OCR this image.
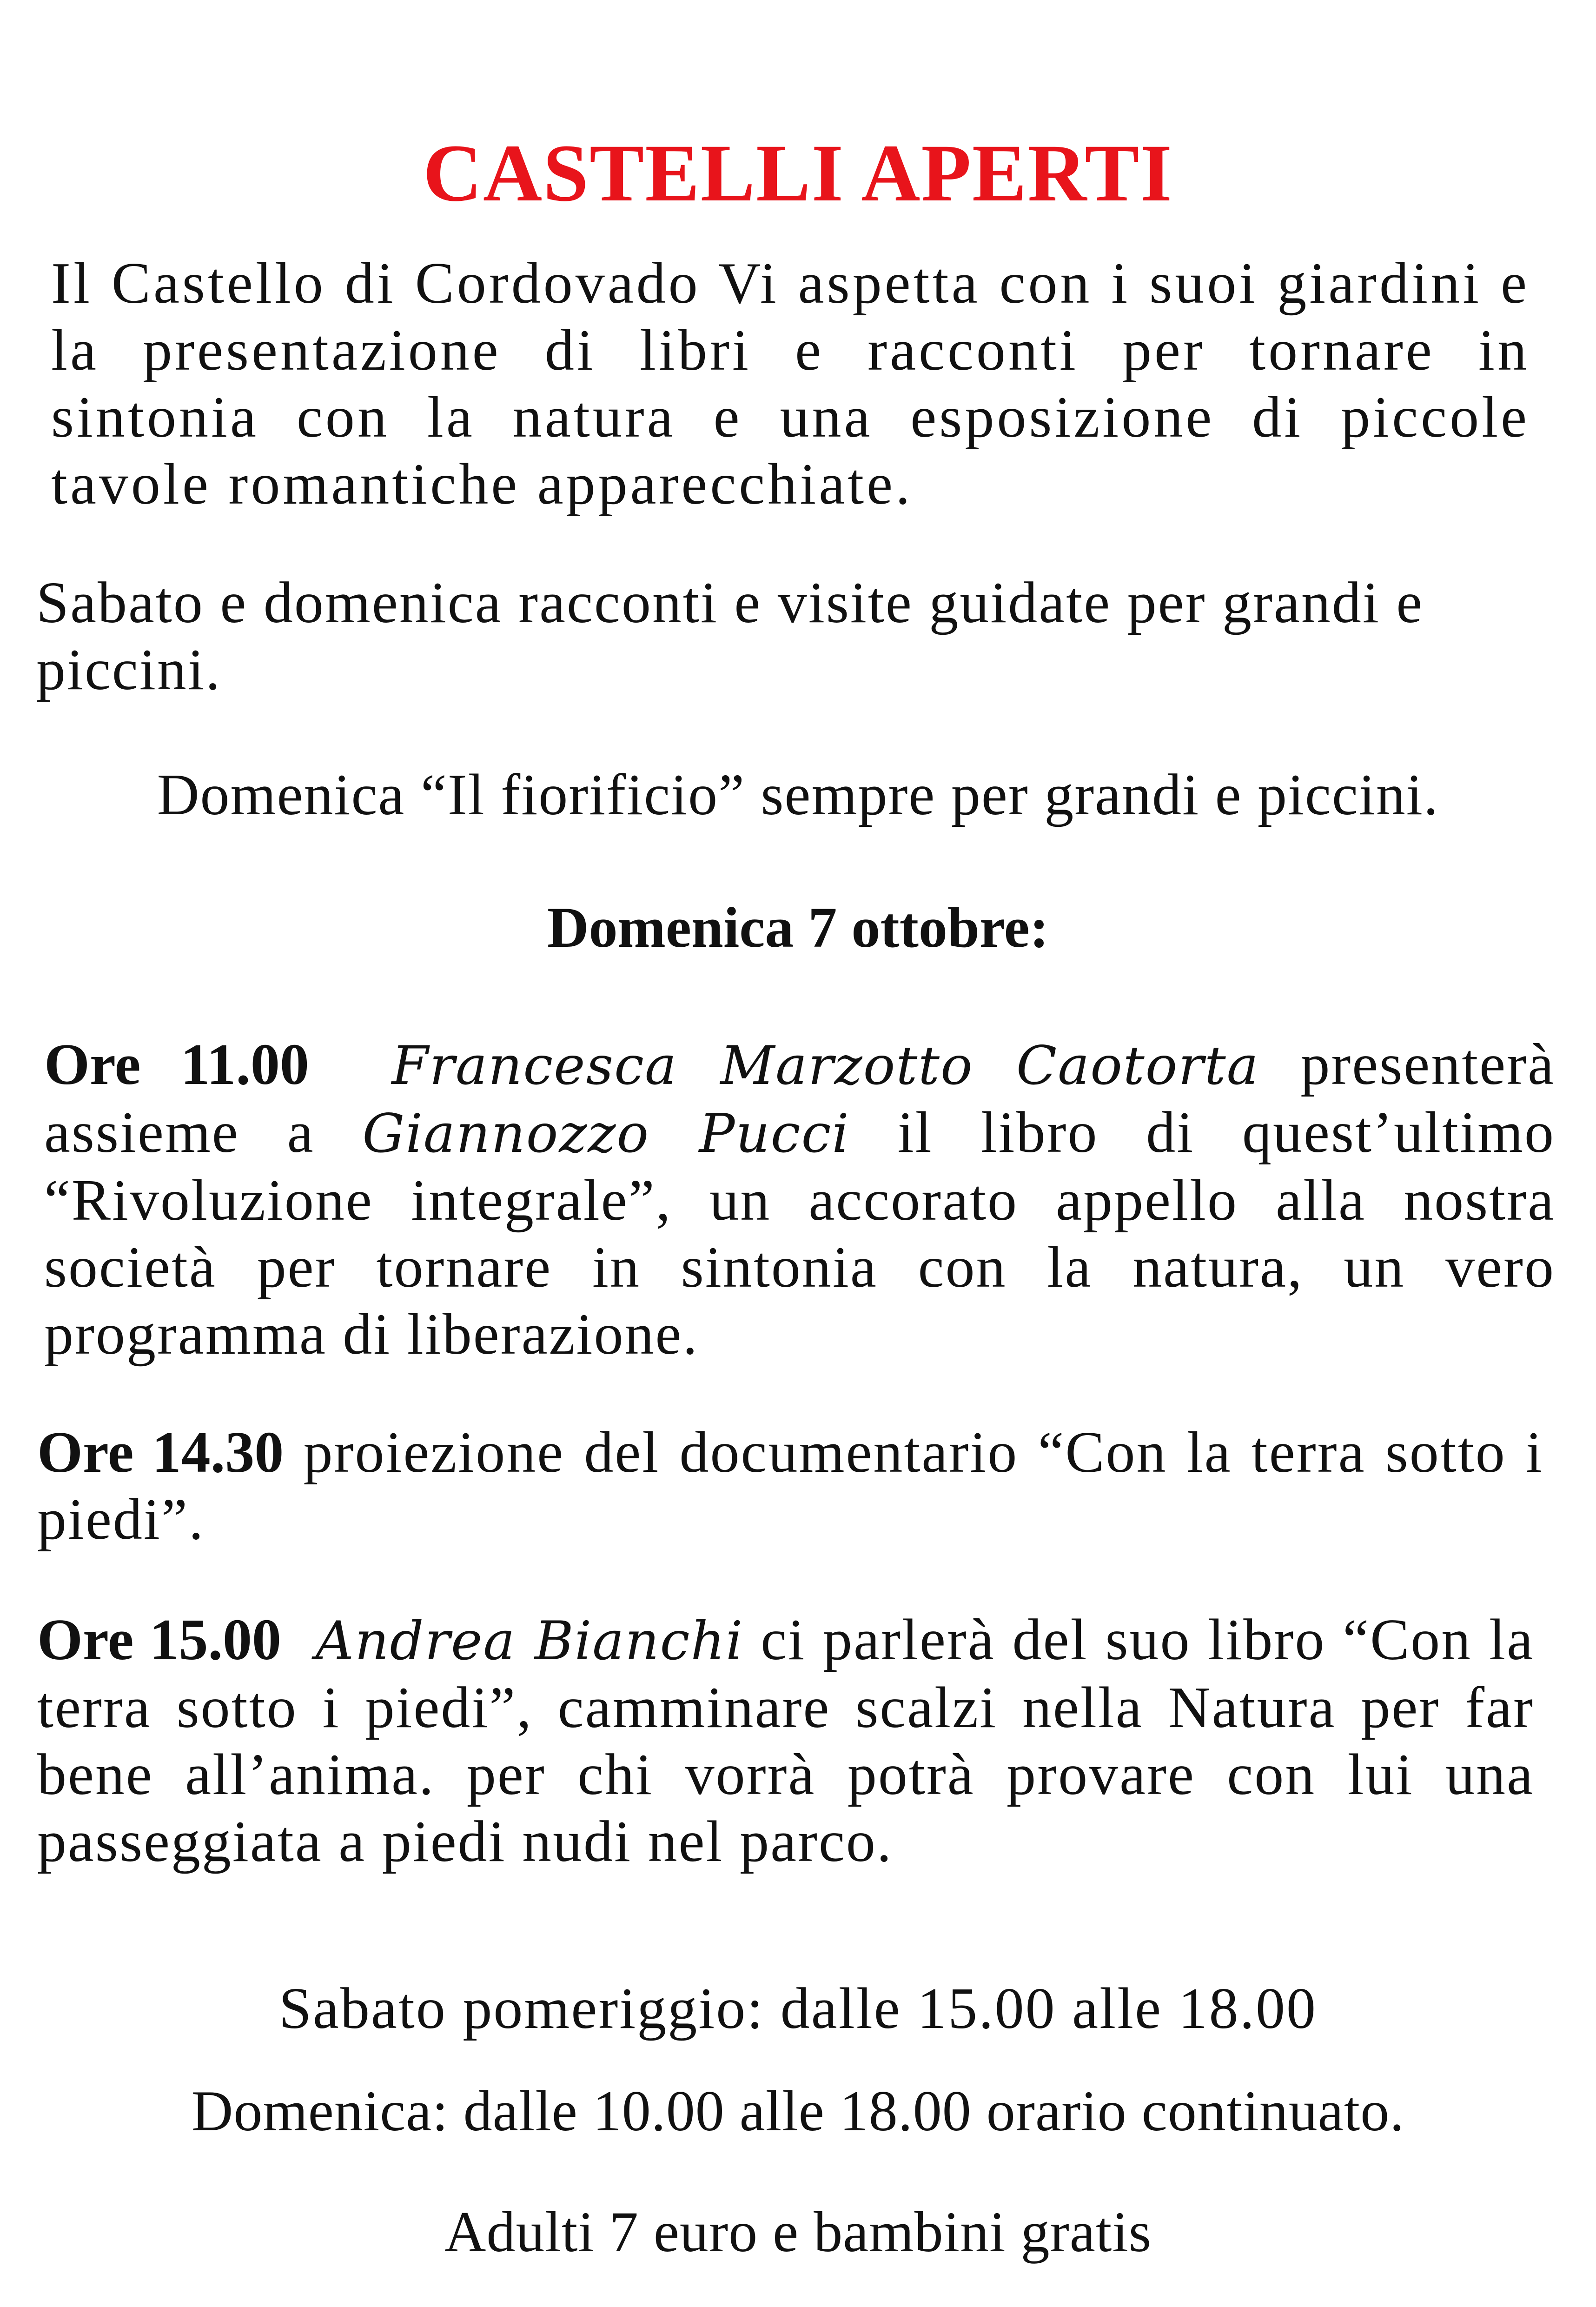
CASTELLI APERTI

Il Castello di Cordovado Vi aspetta con i suoi giardini e la presentazione di libri e racconti per tornare in sintonia con la natura e una esposizione di piccole tavole romantiche apparecchiate.

Sabato e domenica racconti e visite guidate per grandi e piccini.

Domenica “Il fiorificio” sempre per grandi e piccini.

Domenica 7 ottobre:

Ore 11.00 Francesca Marzotto Caotorta presenterà assieme a Giannozzo Pucci il libro di quest’ultimo “Rivoluzione integrale”, un accorato appello alla nostra società per tornare in sintonia con la natura, un vero programma di liberazione.

Ore 14.30 proiezione del documentario “Con la terra sotto i piedi”.

Ore 15.00 Andrea Bianchi ci parlerà del suo libro “Con la terra sotto i piedi”, camminare scalzi nella Natura per far bene all’anima. per chi vorrà potrà provare con lui una passeggiata a piedi nudi nel parco.

Sabato pomeriggio: dalle 15.00 alle 18.00

Domenica: dalle 10.00 alle 18.00 orario continuato.

Adulti 7 euro e bambini gratis
